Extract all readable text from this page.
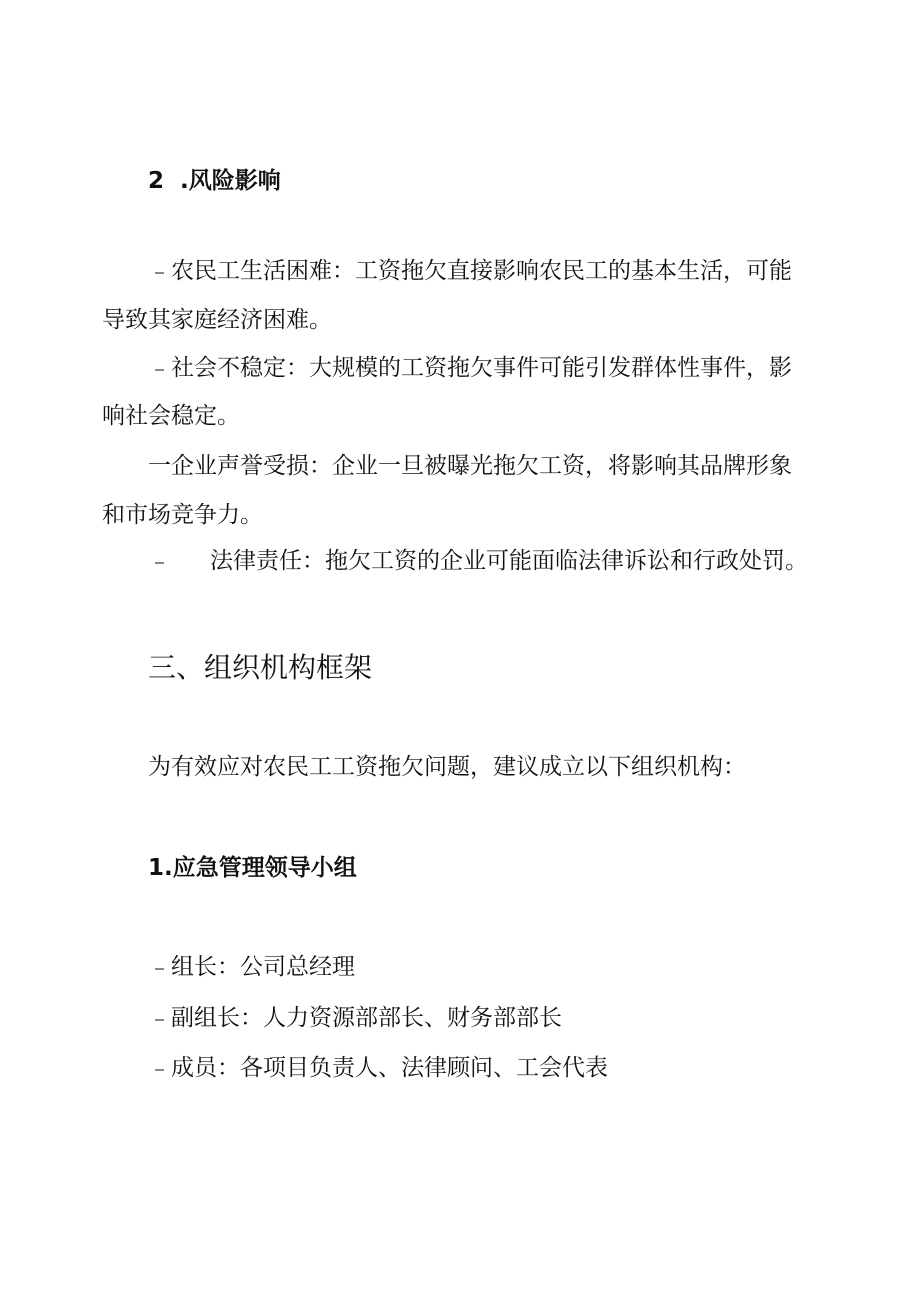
2  .风险影响
﹣农民工生活困难：工资拖欠直接影响农民工的基本生活，可能
导致其家庭经济困难。
﹣社会不稳定：大规模的工资拖欠事件可能引发群体性事件，影
响社会稳定。
一企业声誉受损：企业一旦被曝光拖欠工资，将影响其品牌形象
和市场竞争力。
﹣ 法律责任：拖欠工资的企业可能面临法律诉讼和行政处罚。
三、组织机构框架
为有效应对农民工工资拖欠问题，建议成立以下组织机构：
1.应急管理领导小组
﹣组长：公司总经理
﹣副组长：人力资源部部长、财务部部长
﹣成员：各项目负责人、法律顾问、工会代表
